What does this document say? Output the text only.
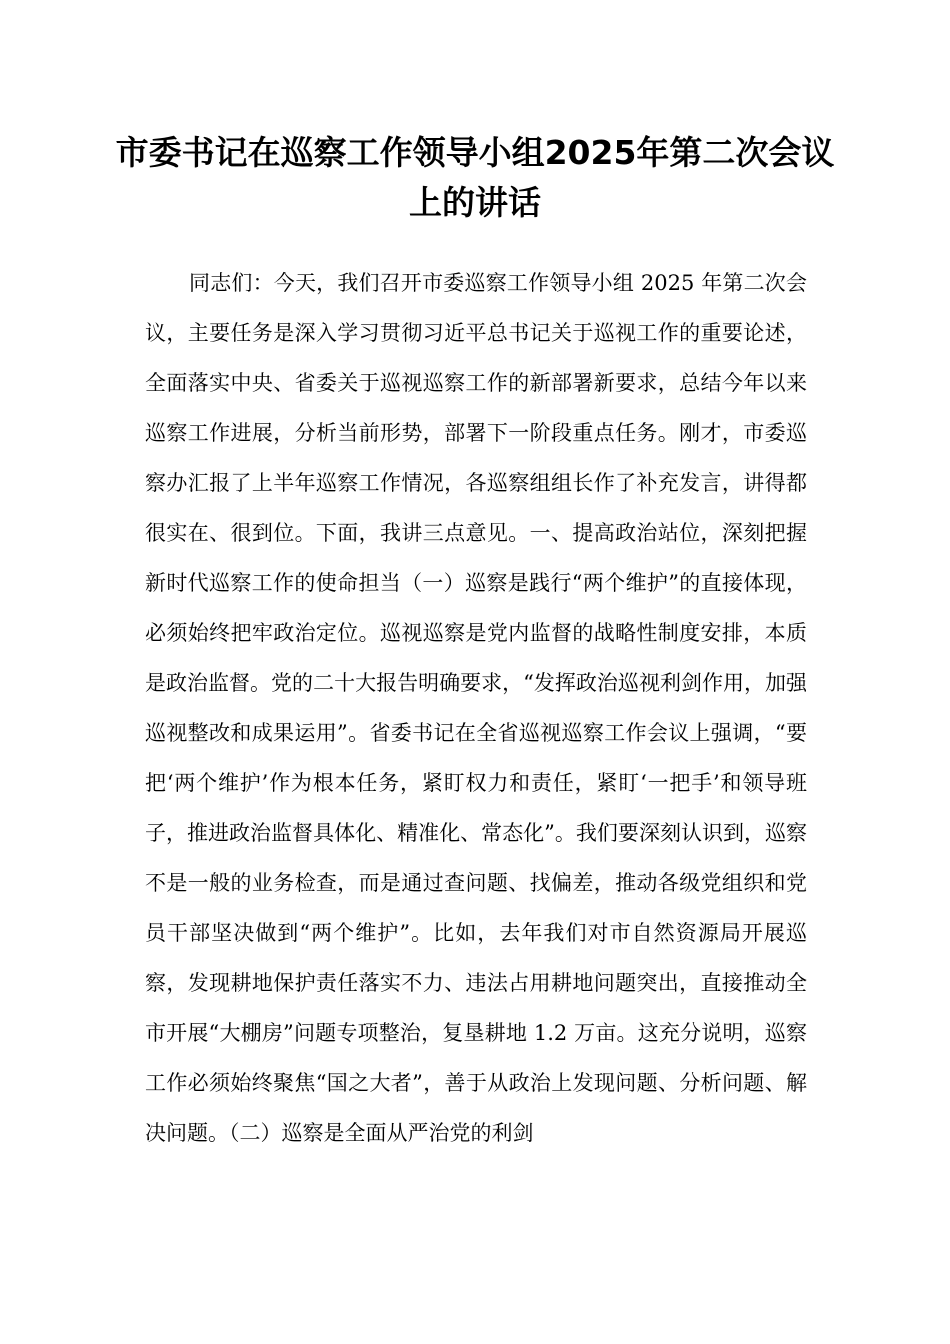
市委书记在巡察工作领导小组2025年第二次会议上的讲话

同志们：今天，我们召开市委巡察工作领导小组 2025 年第二次会议，主要任务是深入学习贯彻习近平总书记关于巡视工作的重要论述，全面落实中央、省委关于巡视巡察工作的新部署新要求，总结今年以来巡察工作进展，分析当前形势，部署下一阶段重点任务。刚才，市委巡察办汇报了上半年巡察工作情况，各巡察组组长作了补充发言，讲得都很实在、很到位。下面，我讲三点意见。一、提高政治站位，深刻把握新时代巡察工作的使命担当（一）巡察是践行“两个维护”的直接体现，必须始终把牢政治定位。巡视巡察是党内监督的战略性制度安排，本质是政治监督。党的二十大报告明确要求，“发挥政治巡视利剑作用，加强巡视整改和成果运用”。省委书记在全省巡视巡察工作会议上强调，“要把‘两个维护’作为根本任务，紧盯权力和责任，紧盯‘一把手’和领导班子，推进政治监督具体化、精准化、常态化”。我们要深刻认识到，巡察不是一般的业务检查，而是通过查问题、找偏差，推动各级党组织和党员干部坚决做到“两个维护”。比如，去年我们对市自然资源局开展巡察，发现耕地保护责任落实不力、违法占用耕地问题突出，直接推动全市开展“大棚房”问题专项整治，复垦耕地 1.2 万亩。这充分说明，巡察工作必须始终聚焦“国之大者”，善于从政治上发现问题、分析问题、解决问题。（二）巡察是全面从严治党的利剑
